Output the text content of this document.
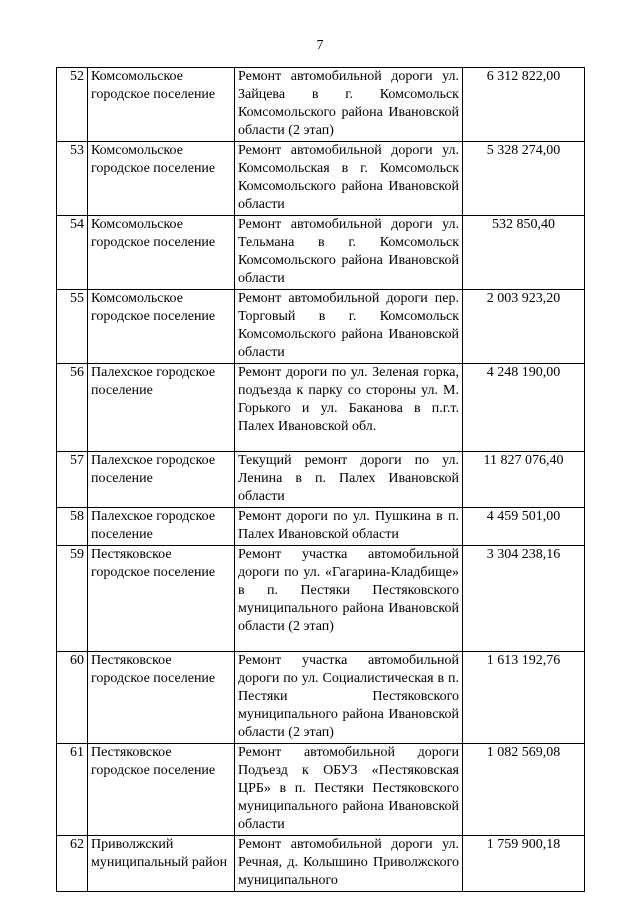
7
52	Комсомольское городское поселение	Ремонт автомобильной дороги ул. Зайцева в г. Комсомольск Комсомольского района Ивановской области (2 этап)	6 312 822,00
53	Комсомольское городское поселение	Ремонт автомобильной дороги ул. Комсомольская в г. Комсомольск Комсомольского района Ивановской области	5 328 274,00
54	Комсомольское городское поселение	Ремонт автомобильной дороги ул. Тельмана в г. Комсомольск Комсомольского района Ивановской области	532 850,40
55	Комсомольское городское поселение	Ремонт автомобильной дороги пер. Торговый в г. Комсомольск Комсомольского района Ивановской области	2 003 923,20
56	Палехское городское поселение	Ремонт дороги по ул. Зеленая горка, подъезда к парку со стороны ул. М. Горького и ул. Баканова в п.г.т. Палех Ивановской обл.	4 248 190,00
57	Палехское городское поселение	Текущий ремонт дороги по ул. Ленина в п. Палех Ивановской области	11 827 076,40
58	Палехское городское поселение	Ремонт дороги по ул. Пушкина в п. Палех Ивановской области	4 459 501,00
59	Пестяковское городское поселение	Ремонт участка автомобильной дороги по ул. «Гагарина-Кладбище» в п. Пестяки Пестяковского муниципального района Ивановской области (2 этап)	3 304 238,16
60	Пестяковское городское поселение	Ремонт участка автомобильной дороги по ул. Социалистическая в п. Пестяки Пестяковского муниципального района Ивановской области (2 этап)	1 613 192,76
61	Пестяковское городское поселение	Ремонт автомобильной дороги Подъезд к ОБУЗ «Пестяковская ЦРБ» в п. Пестяки Пестяковского муниципального района Ивановской области	1 082 569,08
62	Приволжский муниципальный район	Ремонт автомобильной дороги ул. Речная, д. Колышино Приволжского муниципального	1 759 900,18
